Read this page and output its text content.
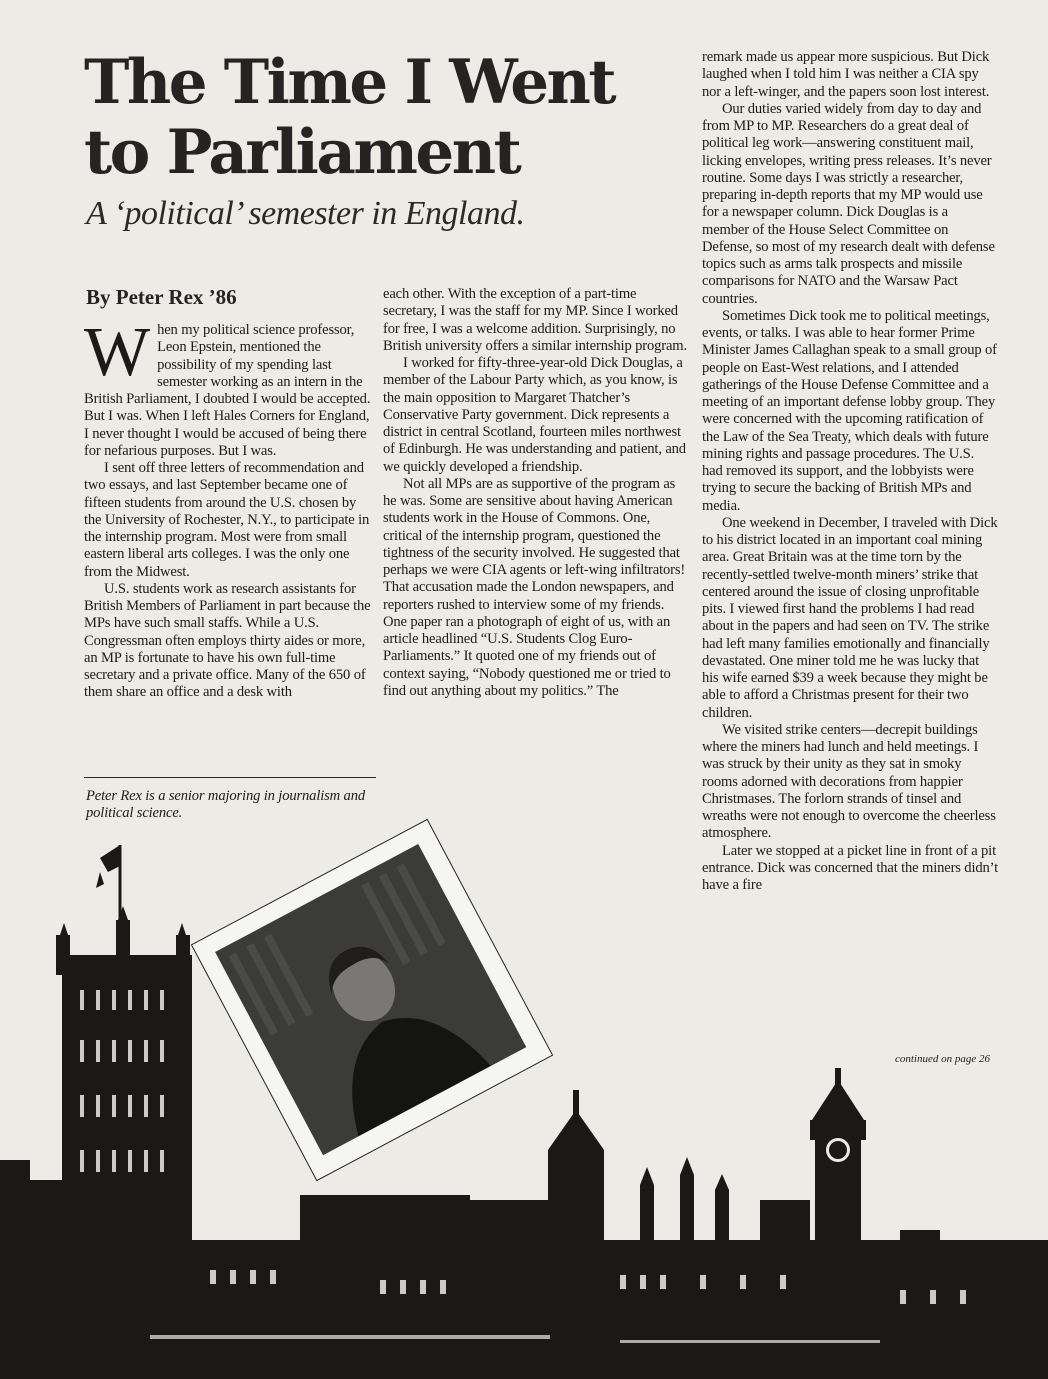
The Time I Went
to Parliament

A ‘political’ semester in England.

By Peter Rex ’86

When my political science professor, Leon Epstein, mentioned the possibility of my spending last semester working as an intern in the British Parliament, I doubted I would be accepted. But I was. When I left Hales Corners for England, I never thought I would be accused of being there for nefarious purposes. But I was.

I sent off three letters of recommendation and two essays, and last September became one of fifteen students from around the U.S. chosen by the University of Rochester, N.Y., to participate in the internship program. Most were from small eastern liberal arts colleges. I was the only one from the Midwest.

U.S. students work as research assistants for British Members of Parliament in part because the MPs have such small staffs. While a U.S. Congressman often employs thirty aides or more, an MP is fortunate to have his own full-time secretary and a private office. Many of the 650 of them share an office and a desk with

Peter Rex is a senior majoring in journalism and political science.

each other. With the exception of a part-time secretary, I was the staff for my MP. Since I worked for free, I was a welcome addition. Surprisingly, no British university offers a similar internship program.

I worked for fifty-three-year-old Dick Douglas, a member of the Labour Party which, as you know, is the main opposition to Margaret Thatcher’s Conservative Party government. Dick represents a district in central Scotland, fourteen miles northwest of Edinburgh. He was understanding and patient, and we quickly developed a friendship.

Not all MPs are as supportive of the program as he was. Some are sensitive about having American students work in the House of Commons. One, critical of the internship program, questioned the tightness of the security involved. He suggested that perhaps we were CIA agents or left-wing infiltrators! That accusation made the London newspapers, and reporters rushed to interview some of my friends. One paper ran a photograph of eight of us, with an article headlined “U.S. Students Clog Euro-Parliaments.” It quoted one of my friends out of context saying, “Nobody questioned me or tried to find out anything about my politics.” The

remark made us appear more suspicious. But Dick laughed when I told him I was neither a CIA spy nor a left-winger, and the papers soon lost interest.

Our duties varied widely from day to day and from MP to MP. Researchers do a great deal of political leg work—answering constituent mail, licking envelopes, writing press releases. It’s never routine. Some days I was strictly a researcher, preparing in-depth reports that my MP would use for a newspaper column. Dick Douglas is a member of the House Select Committee on Defense, so most of my research dealt with defense topics such as arms talk prospects and missile comparisons for NATO and the Warsaw Pact countries.

Sometimes Dick took me to political meetings, events, or talks. I was able to hear former Prime Minister James Callaghan speak to a small group of people on East-West relations, and I attended gatherings of the House Defense Committee and a meeting of an important defense lobby group. They were concerned with the upcoming ratification of the Law of the Sea Treaty, which deals with future mining rights and passage procedures. The U.S. had removed its support, and the lobbyists were trying to secure the backing of British MPs and media.

One weekend in December, I traveled with Dick to his district located in an important coal mining area. Great Britain was at the time torn by the recently-settled twelve-month miners’ strike that centered around the issue of closing unprofitable pits. I viewed first hand the problems I had read about in the papers and had seen on TV. The strike had left many families emotionally and financially devastated. One miner told me he was lucky that his wife earned $39 a week because they might be able to afford a Christmas present for their two children.

We visited strike centers—decrepit buildings where the miners had lunch and held meetings. I was struck by their unity as they sat in smoky rooms adorned with decorations from happier Christmases. The forlorn strands of tinsel and wreaths were not enough to overcome the cheerless atmosphere.

Later we stopped at a picket line in front of a pit entrance. Dick was concerned that the miners didn’t have a fire

continued on page 26
